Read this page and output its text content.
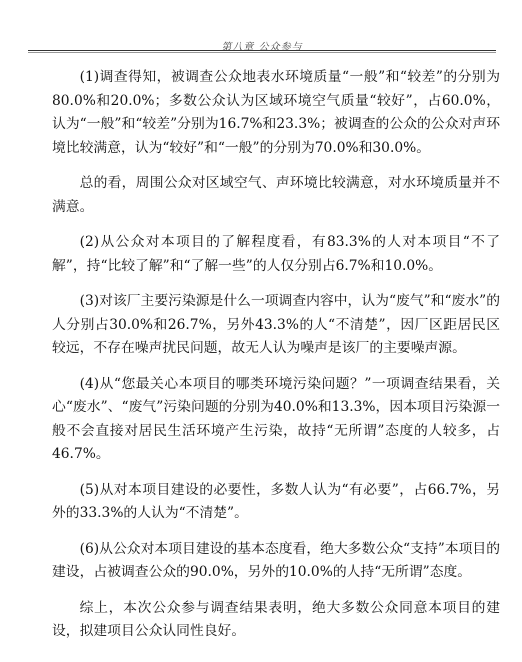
第八章 公众参与

(1)调查得知，被调查公众地表水环境质量“一般”和“较差”的分别为80.0%和20.0%；多数公众认为区域环境空气质量“较好”，占60.0%，认为“一般”和“较差”分别为16.7%和23.3%；被调查的公众的公众对声环境比较满意，认为“较好”和“一般”的分别为70.0%和30.0%。

总的看，周围公众对区域空气、声环境比较满意，对水环境质量并不满意。

(2)从公众对本项目的了解程度看，有83.3%的人对本项目“不了解”，持“比较了解”和“了解一些”的人仅分别占6.7%和10.0%。

(3)对该厂主要污染源是什么一项调查内容中，认为“废气”和“废水”的人分别占30.0%和26.7%，另外43.3%的人“不清楚”，因厂区距居民区较远，不存在噪声扰民问题，故无人认为噪声是该厂的主要噪声源。

(4)从“您最关心本项目的哪类环境污染问题？”一项调查结果看，关心“废水”、“废气”污染问题的分别为40.0%和13.3%，因本项目污染源一般不会直接对居民生活环境产生污染，故持“无所谓”态度的人较多，占46.7%。

(5)从对本项目建设的必要性，多数人认为“有必要”，占66.7%，另外的33.3%的人认为“不清楚”。

(6)从公众对本项目建设的基本态度看，绝大多数公众“支持”本项目的建设，占被调查公众的90.0%，另外的10.0%的人持“无所谓”态度。

综上，本次公众参与调查结果表明，绝大多数公众同意本项目的建设，拟建项目公众认同性良好。
